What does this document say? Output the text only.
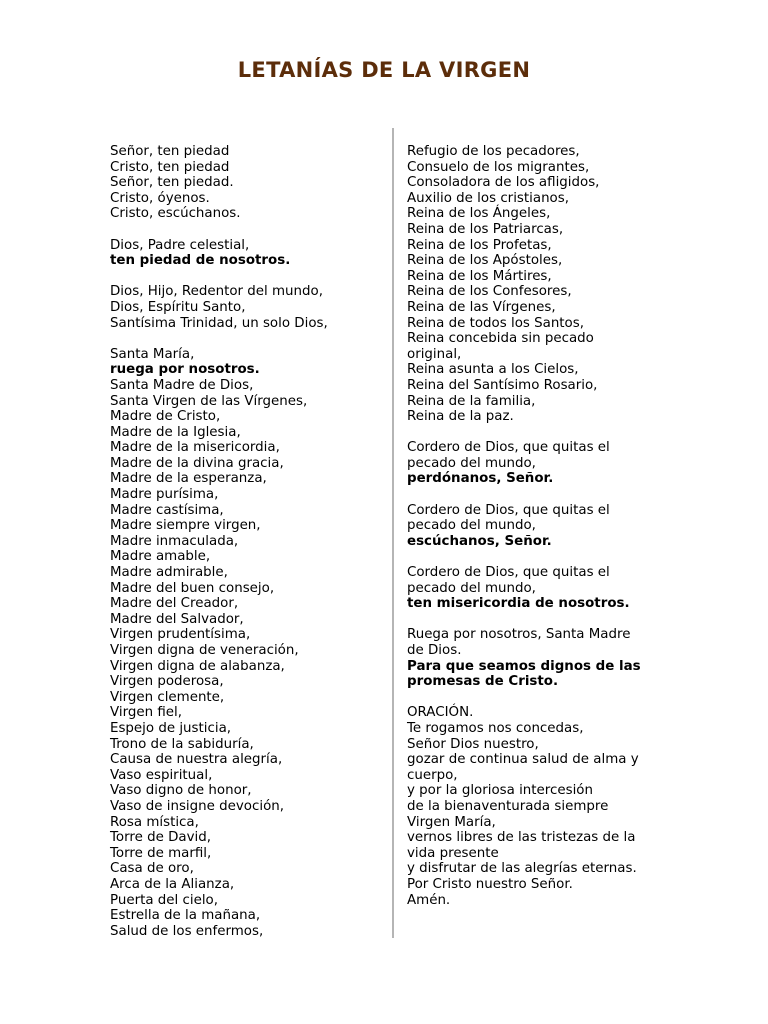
LETANÍAS DE LA VIRGEN
Señor, ten piedad
Cristo, ten piedad
Señor, ten piedad.
Cristo, óyenos.
Cristo, escúchanos.
Dios, Padre celestial,
ten piedad de nosotros.
Dios, Hijo, Redentor del mundo,
Dios, Espíritu Santo,
Santísima Trinidad, un solo Dios,
Santa María,
ruega por nosotros.
Santa Madre de Dios,
Santa Virgen de las Vírgenes,
Madre de Cristo,
Madre de la Iglesia,
Madre de la misericordia,
Madre de la divina gracia,
Madre de la esperanza,
Madre purísima,
Madre castísima,
Madre siempre virgen,
Madre inmaculada,
Madre amable,
Madre admirable,
Madre del buen consejo,
Madre del Creador,
Madre del Salvador,
Virgen prudentísima,
Virgen digna de veneración,
Virgen digna de alabanza,
Virgen poderosa,
Virgen clemente,
Virgen fiel,
Espejo de justicia,
Trono de la sabiduría,
Causa de nuestra alegría,
Vaso espiritual,
Vaso digno de honor,
Vaso de insigne devoción,
Rosa mística,
Torre de David,
Torre de marfil,
Casa de oro,
Arca de la Alianza,
Puerta del cielo,
Estrella de la mañana,
Salud de los enfermos,
Refugio de los pecadores,
Consuelo de los migrantes,
Consoladora de los afligidos,
Auxilio de los cristianos,
Reina de los Ángeles,
Reina de los Patriarcas,
Reina de los Profetas,
Reina de los Apóstoles,
Reina de los Mártires,
Reina de los Confesores,
Reina de las Vírgenes,
Reina de todos los Santos,
Reina concebida sin pecado
original,
Reina asunta a los Cielos,
Reina del Santísimo Rosario,
Reina de la familia,
Reina de la paz.
Cordero de Dios, que quitas el
pecado del mundo,
perdónanos, Señor.
Cordero de Dios, que quitas el
pecado del mundo,
escúchanos, Señor.
Cordero de Dios, que quitas el
pecado del mundo,
ten misericordia de nosotros.
Ruega por nosotros, Santa Madre
de Dios.
Para que seamos dignos de las
promesas de Cristo.
ORACIÓN.
Te rogamos nos concedas,
Señor Dios nuestro,
gozar de continua salud de alma y
cuerpo,
y por la gloriosa intercesión
de la bienaventurada siempre
Virgen María,
vernos libres de las tristezas de la
vida presente
y disfrutar de las alegrías eternas.
Por Cristo nuestro Señor.
Amén.
